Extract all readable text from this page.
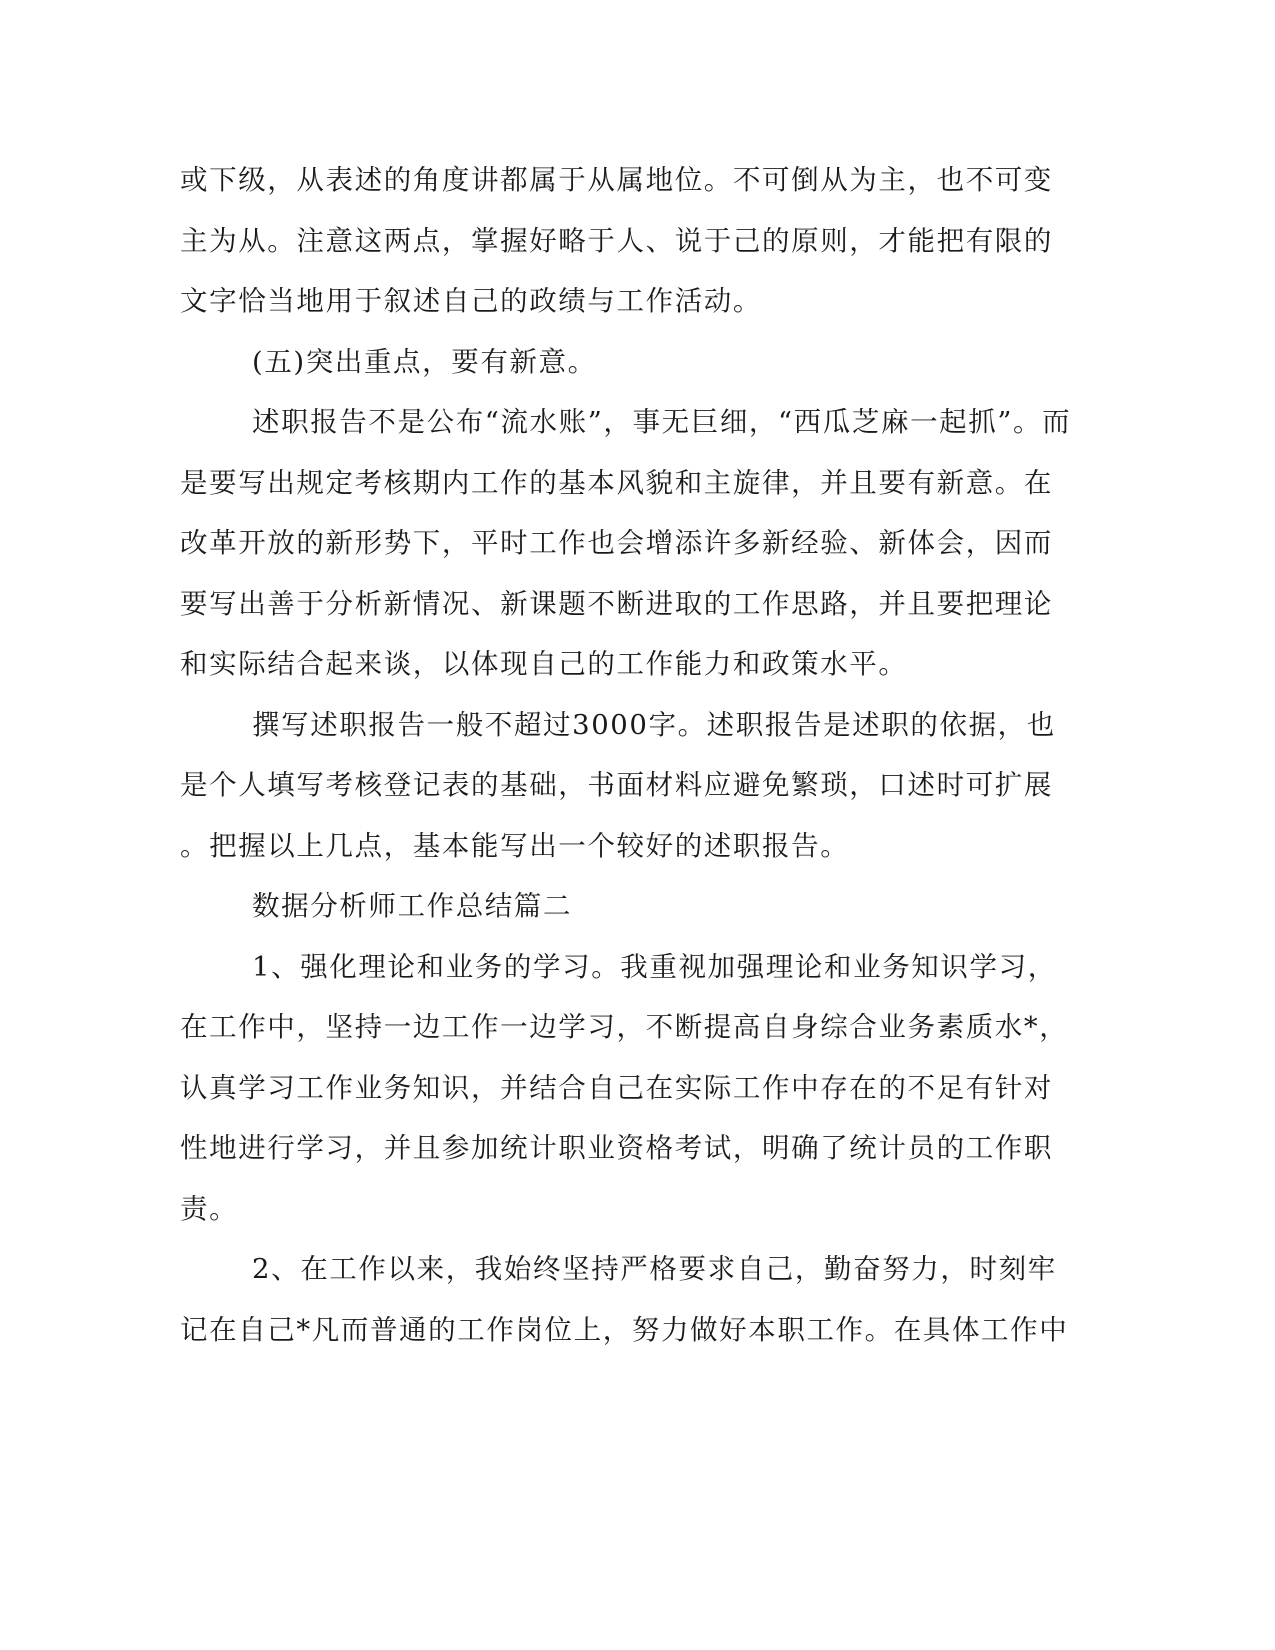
或下级，从表述的角度讲都属于从属地位。不可倒从为主，也不可变
主为从。注意这两点，掌握好略于人、说于己的原则，才能把有限的
文字恰当地用于叙述自己的政绩与工作活动。
(五)突出重点，要有新意。
述职报告不是公布“流水账”，事无巨细，“西瓜芝麻一起抓”。而
是要写出规定考核期内工作的基本风貌和主旋律，并且要有新意。在
改革开放的新形势下，平时工作也会增添许多新经验、新体会，因而
要写出善于分析新情况、新课题不断进取的工作思路，并且要把理论
和实际结合起来谈，以体现自己的工作能力和政策水平。
撰写述职报告一般不超过3000字。述职报告是述职的依据，也
是个人填写考核登记表的基础，书面材料应避免繁琐，口述时可扩展
。把握以上几点，基本能写出一个较好的述职报告。
数据分析师工作总结篇二
1、强化理论和业务的学习。我重视加强理论和业务知识学习，
在工作中，坚持一边工作一边学习，不断提高自身综合业务素质水*，
认真学习工作业务知识，并结合自己在实际工作中存在的不足有针对
性地进行学习，并且参加统计职业资格考试，明确了统计员的工作职
责。
2、在工作以来，我始终坚持严格要求自己，勤奋努力，时刻牢
记在自己*凡而普通的工作岗位上，努力做好本职工作。在具体工作中
